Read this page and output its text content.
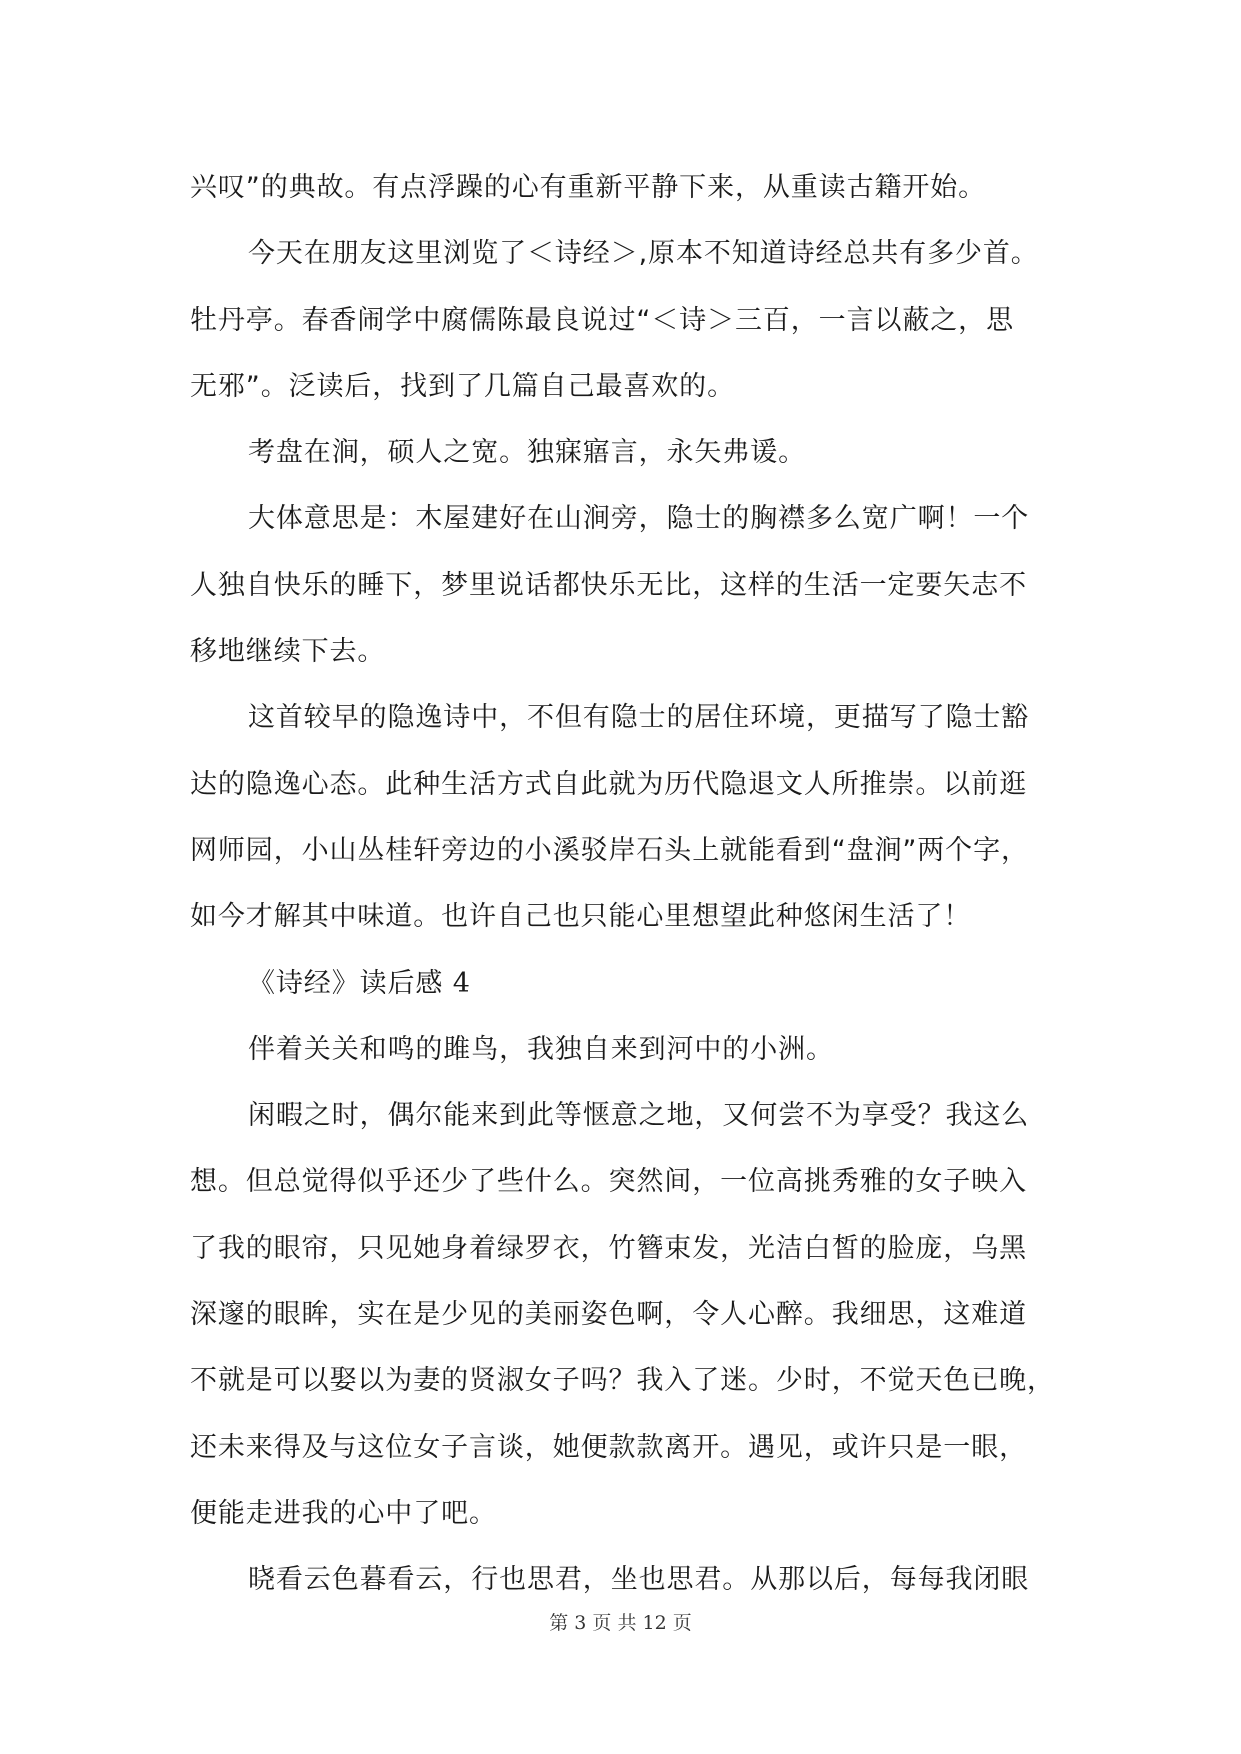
兴叹”的典故。有点浮躁的心有重新平静下来，从重读古籍开始。
今天在朋友这里浏览了＜诗经＞,原本不知道诗经总共有多少首。
牡丹亭。春香闹学中腐儒陈最良说过“＜诗＞三百，一言以蔽之，思
无邪”。泛读后，找到了几篇自己最喜欢的。
考盘在涧，硕人之宽。独寐寤言，永矢弗谖。
大体意思是：木屋建好在山涧旁，隐士的胸襟多么宽广啊！一个
人独自快乐的睡下，梦里说话都快乐无比，这样的生活一定要矢志不
移地继续下去。
这首较早的隐逸诗中，不但有隐士的居住环境，更描写了隐士豁
达的隐逸心态。此种生活方式自此就为历代隐退文人所推崇。以前逛
网师园，小山丛桂轩旁边的小溪驳岸石头上就能看到“盘涧”两个字，
如今才解其中味道。也许自己也只能心里想望此种悠闲生活了！
《诗经》读后感 4
伴着关关和鸣的雎鸟，我独自来到河中的小洲。
闲暇之时，偶尔能来到此等惬意之地，又何尝不为享受？我这么
想。但总觉得似乎还少了些什么。突然间，一位高挑秀雅的女子映入
了我的眼帘，只见她身着绿罗衣，竹簪束发，光洁白皙的脸庞，乌黑
深邃的眼眸，实在是少见的美丽姿色啊，令人心醉。我细思，这难道
不就是可以娶以为妻的贤淑女子吗？我入了迷。少时，不觉天色已晚，
还未来得及与这位女子言谈，她便款款离开。遇见，或许只是一眼，
便能走进我的心中了吧。
晓看云色暮看云，行也思君，坐也思君。从那以后，每每我闭眼
第 3 页 共 12 页
